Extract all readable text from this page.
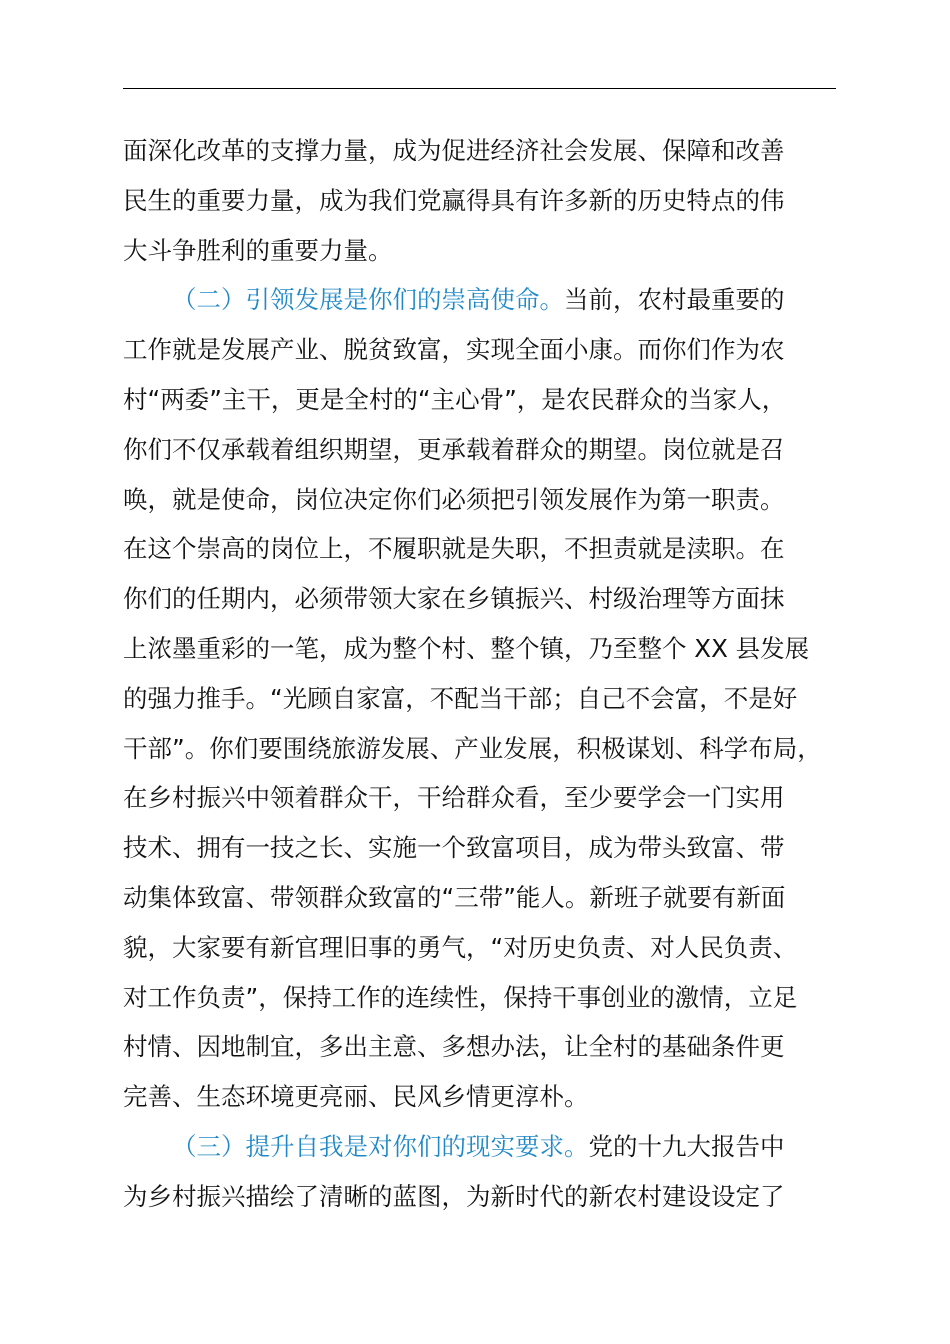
面深化改革的支撑力量，成为促进经济社会发展、保障和改善
民生的重要力量，成为我们党赢得具有许多新的历史特点的伟
大斗争胜利的重要力量。
（二）引领发展是你们的崇高使命。当前，农村最重要的
工作就是发展产业、脱贫致富，实现全面小康。而你们作为农
村“两委”主干，更是全村的“主心骨”，是农民群众的当家人，
你们不仅承载着组织期望，更承载着群众的期望。岗位就是召
唤，就是使命，岗位决定你们必须把引领发展作为第一职责。
在这个崇高的岗位上，不履职就是失职，不担责就是渎职。在
你们的任期内，必须带领大家在乡镇振兴、村级治理等方面抹
上浓墨重彩的一笔，成为整个村、整个镇，乃至整个 XX 县发展
的强力推手。“光顾自家富，不配当干部；自己不会富，不是好
干部”。你们要围绕旅游发展、产业发展，积极谋划、科学布局，
在乡村振兴中领着群众干，干给群众看，至少要学会一门实用
技术、拥有一技之长、实施一个致富项目，成为带头致富、带
动集体致富、带领群众致富的“三带”能人。新班子就要有新面
貌，大家要有新官理旧事的勇气，“对历史负责、对人民负责、
对工作负责”，保持工作的连续性，保持干事创业的激情，立足
村情、因地制宜，多出主意、多想办法，让全村的基础条件更
完善、生态环境更亮丽、民风乡情更淳朴。
（三）提升自我是对你们的现实要求。党的十九大报告中
为乡村振兴描绘了清晰的蓝图，为新时代的新农村建设设定了
